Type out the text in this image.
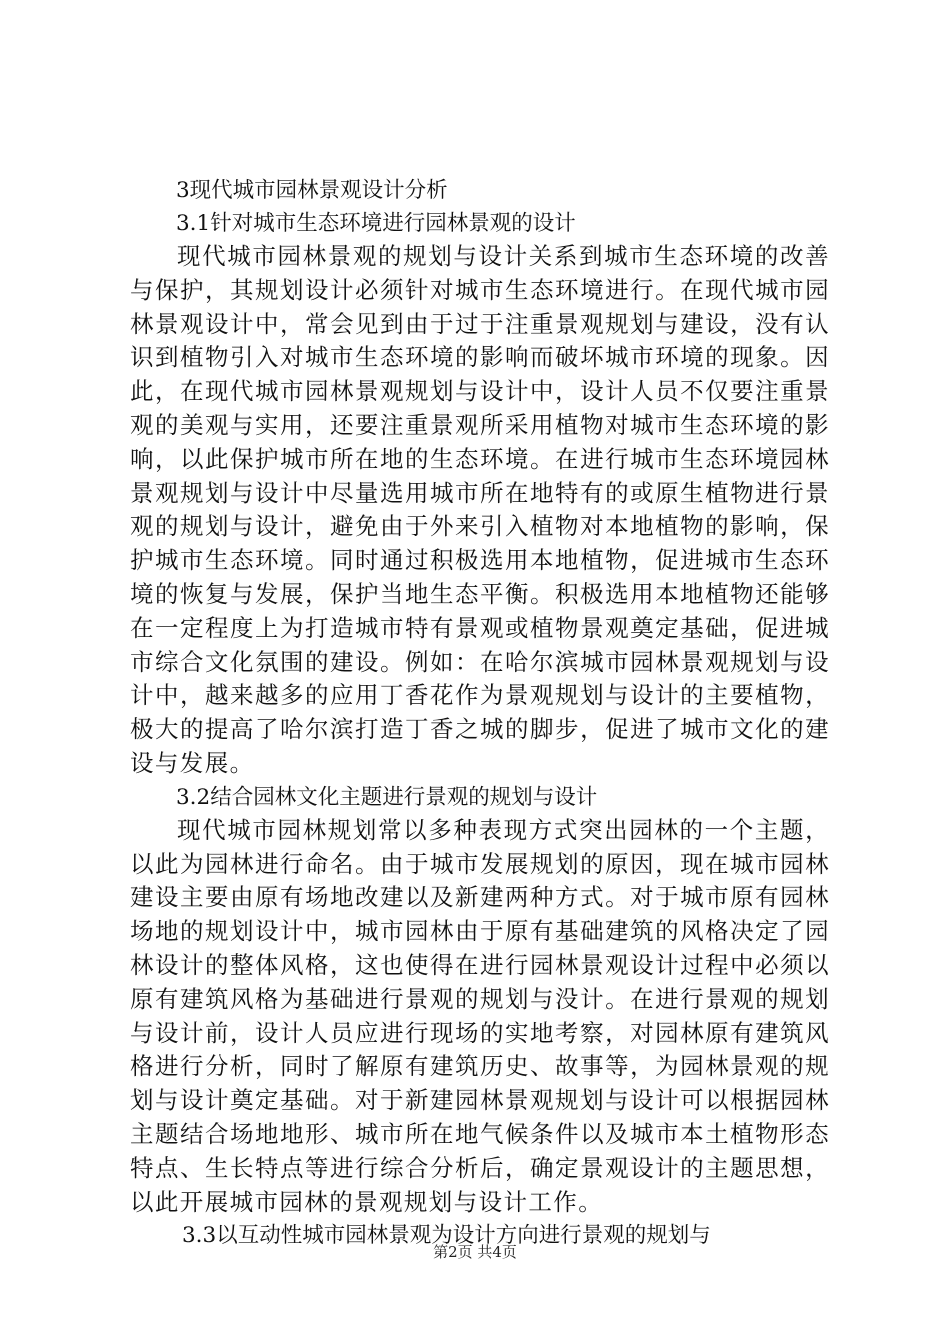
3现代城市园林景观设计分析

3.1针对城市生态环境进行园林景观的设计

现代城市园林景观的规划与设计关系到城市生态环境的改善与保护，其规划设计必须针对城市生态环境进行。在现代城市园林景观设计中，常会见到由于过于注重景观规划与建设，没有认识到植物引入对城市生态环境的影响而破坏城市环境的现象。因此，在现代城市园林景观规划与设计中，设计人员不仅要注重景观的美观与实用，还要注重景观所采用植物对城市生态环境的影响，以此保护城市所在地的生态环境。在进行城市生态环境园林景观规划与设计中尽量选用城市所在地特有的或原生植物进行景观的规划与设计，避免由于外来引入植物对本地植物的影响，保护城市生态环境。同时通过积极选用本地植物，促进城市生态环境的恢复与发展，保护当地生态平衡。积极选用本地植物还能够在一定程度上为打造城市特有景观或植物景观奠定基础，促进城市综合文化氛围的建设。例如：在哈尔滨城市园林景观规划与设计中，越来越多的应用丁香花作为景观规划与设计的主要植物，极大的提高了哈尔滨打造丁香之城的脚步，促进了城市文化的建设与发展。

3.2结合园林文化主题进行景观的规划与设计

现代城市园林规划常以多种表现方式突出园林的一个主题，以此为园林进行命名。由于城市发展规划的原因，现在城市园林建设主要由原有场地改建以及新建两种方式。对于城市原有园林场地的规划设计中，城市园林由于原有基础建筑的风格决定了园林设计的整体风格，这也使得在进行园林景观设计过程中必须以原有建筑风格为基础进行景观的规划与没计。在进行景观的规划与设计前，设计人员应进行现场的实地考察，对园林原有建筑风格进行分析，同时了解原有建筑历史、故事等，为园林景观的规划与设计奠定基础。对于新建园林景观规划与设计可以根据园林主题结合场地地形、城市所在地气候条件以及城市本土植物形态特点、生长特点等进行综合分析后，确定景观设计的主题思想，以此开展城市园林的景观规划与设计工作。

3.3以互动性城市园林景观为设计方向进行景观的规划与

第2页 共4页
